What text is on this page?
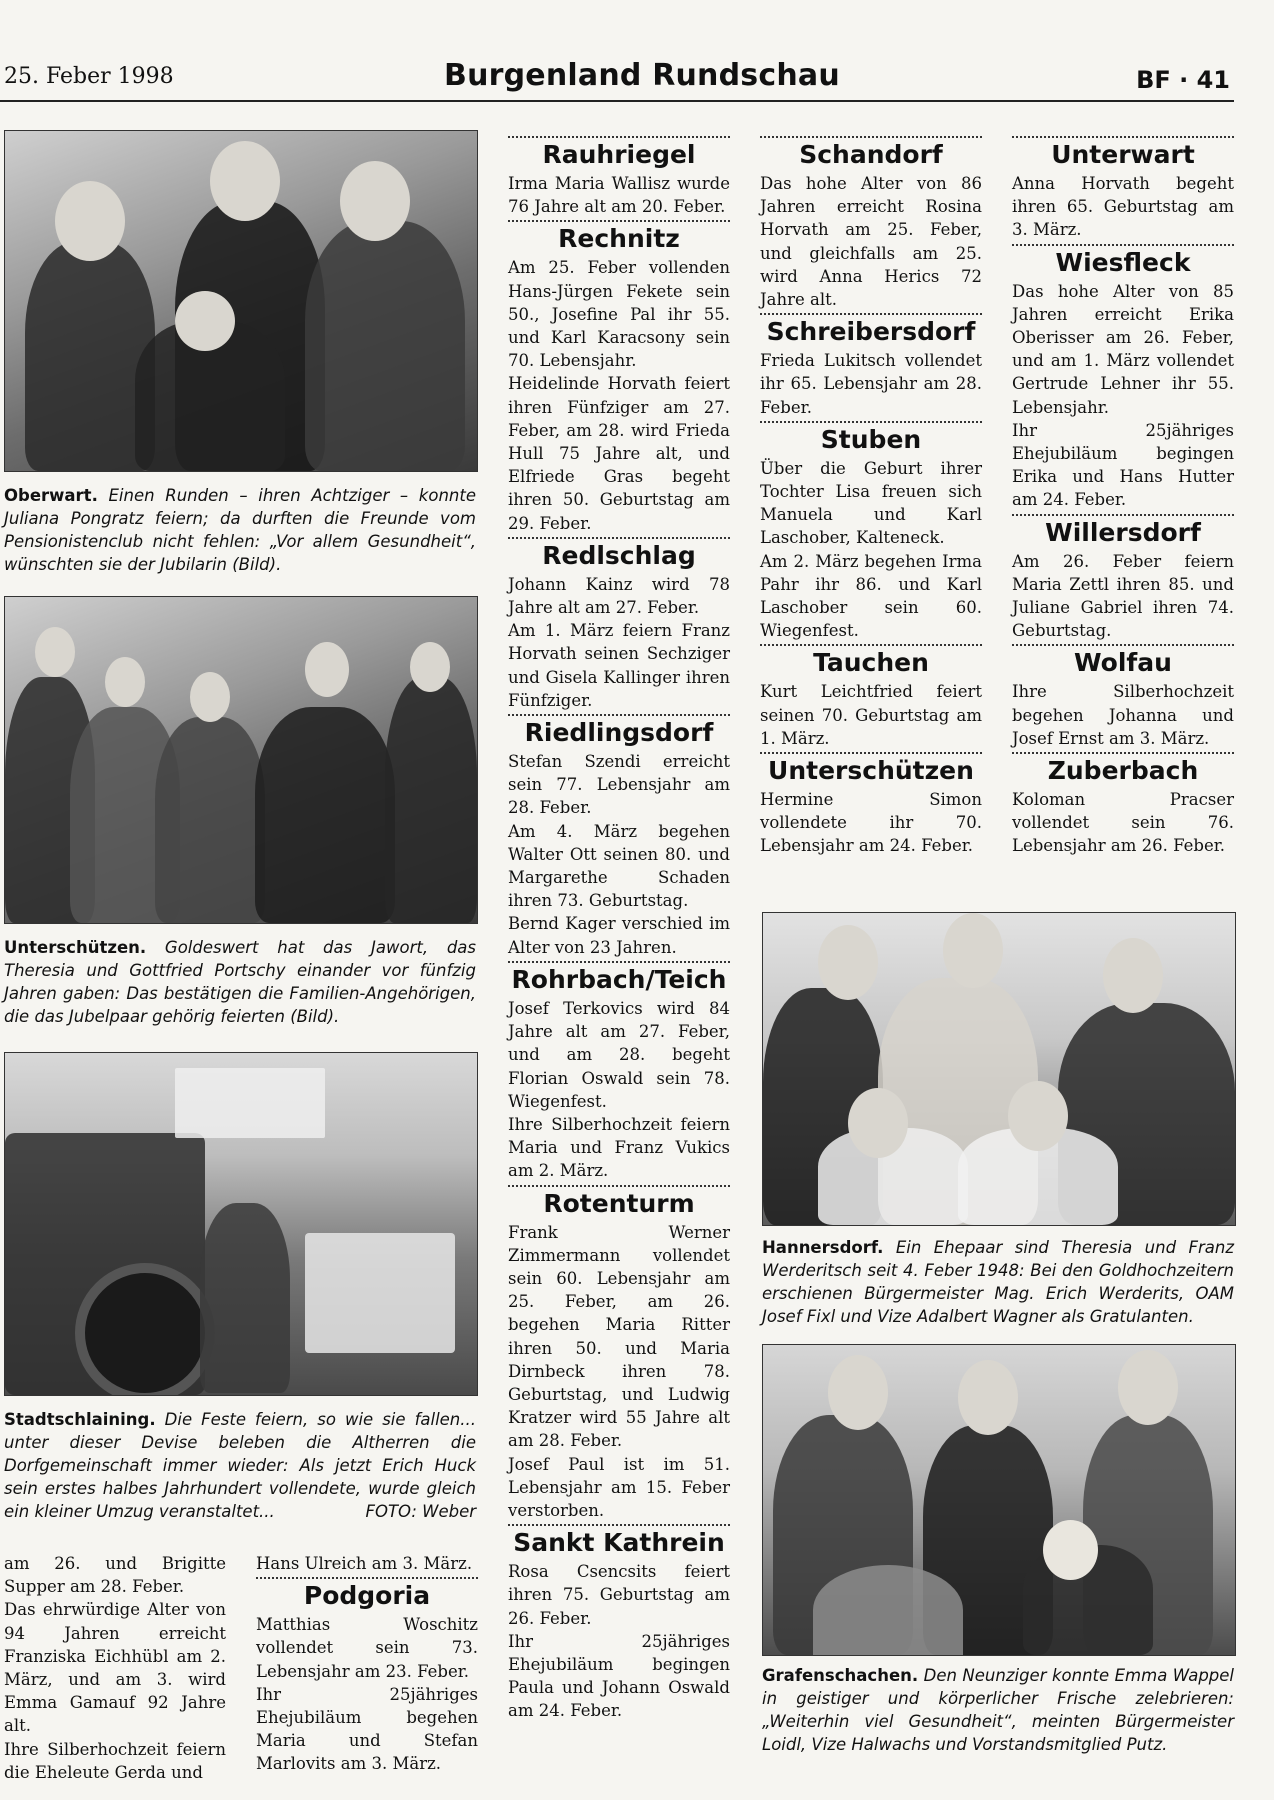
25. Feber 1998	Burgenland Rundschau	BF · 41
Oberwart. Einen Runden – ihren Achtziger – konnte Juliana Pongratz feiern; da durften die Freunde vom Pensionistenclub nicht fehlen: „Vor allem Gesundheit“, wünschten sie der Jubilarin (Bild).
Unterschützen. Goldeswert hat das Jawort, das Theresia und Gottfried Portschy einander vor fünfzig Jahren gaben: Das bestätigen die Familien-Angehörigen, die das Jubelpaar gehörig feierten (Bild).
Stadtschlaining. Die Feste feiern, so wie sie fallen... unter dieser Devise beleben die Altherren die Dorfgemeinschaft immer wieder: Als jetzt Erich Huck sein erstes halbes Jahrhundert vollendete, wurde gleich ein kleiner Umzug veranstaltet...	FOTO: Weber

am 26. und Brigitte Supper am 28. Feber.

Das ehrwürdige Alter von 94 Jahren erreicht Franziska Eichhübl am 2. März, und am 3. wird Emma Gamauf 92 Jahre alt.

Ihre Silberhochzeit feiern die Eheleute Gerda und

Hans Ulreich am 3. März.

Podgoria

Matthias Woschitz vollendet sein 73. Lebensjahr am 23. Feber.

Ihr 25jähriges Ehejubiläum begehen Maria und Stefan Marlovits am 3. März.

Rauhriegel

Irma Maria Wallisz wurde 76 Jahre alt am 20. Feber.

Rechnitz

Am 25. Feber vollenden Hans-Jürgen Fekete sein 50., Josefine Pal ihr 55. und Karl Karacsony sein 70. Lebensjahr.

Heidelinde Horvath feiert ihren Fünfziger am 27. Feber, am 28. wird Frieda Hull 75 Jahre alt, und Elfriede Gras begeht ihren 50. Geburtstag am 29. Feber.

Redlschlag

Johann Kainz wird 78 Jahre alt am 27. Feber.

Am 1. März feiern Franz Horvath seinen Sechziger und Gisela Kallinger ihren Fünfziger.

Riedlingsdorf

Stefan Szendi erreicht sein 77. Lebensjahr am 28. Feber.

Am 4. März begehen Walter Ott seinen 80. und Margarethe Schaden ihren 73. Geburtstag.

Bernd Kager verschied im Alter von 23 Jahren.

Rohrbach/Teich

Josef Terkovics wird 84 Jahre alt am 27. Feber, und am 28. begeht Florian Oswald sein 78. Wiegenfest.

Ihre Silberhochzeit feiern Maria und Franz Vukics am 2. März.

Rotenturm

Frank Werner Zimmermann vollendet sein 60. Lebensjahr am 25. Feber, am 26. begehen Maria Ritter ihren 50. und Maria Dirnbeck ihren 78. Geburtstag, und Ludwig Kratzer wird 55 Jahre alt am 28. Feber.

Josef Paul ist im 51. Lebensjahr am 15. Feber verstorben.

Sankt Kathrein

Rosa Csencsits feiert ihren 75. Geburtstag am 26. Feber.

Ihr 25jähriges Ehejubiläum begingen Paula und Johann Oswald am 24. Feber.

Schandorf

Das hohe Alter von 86 Jahren erreicht Rosina Horvath am 25. Feber, und gleichfalls am 25. wird Anna Herics 72 Jahre alt.

Schreibersdorf

Frieda Lukitsch vollendet ihr 65. Lebensjahr am 28. Feber.

Stuben

Über die Geburt ihrer Tochter Lisa freuen sich Manuela und Karl Laschober, Kalteneck.

Am 2. März begehen Irma Pahr ihr 86. und Karl Laschober sein 60. Wiegenfest.

Tauchen

Kurt Leichtfried feiert seinen 70. Geburtstag am 1. März.

Unterschützen

Hermine Simon vollendete ihr 70. Lebensjahr am 24. Feber.

Unterwart

Anna Horvath begeht ihren 65. Geburtstag am 3. März.

Wiesfleck

Das hohe Alter von 85 Jahren erreicht Erika Oberisser am 26. Feber, und am 1. März vollendet Gertrude Lehner ihr 55. Lebensjahr.

Ihr 25jähriges Ehejubiläum begingen Erika und Hans Hutter am 24. Feber.

Willersdorf

Am 26. Feber feiern Maria Zettl ihren 85. und Juliane Gabriel ihren 74. Geburtstag.

Wolfau

Ihre Silberhochzeit begehen Johanna und Josef Ernst am 3. März.

Zuberbach

Koloman Pracser vollendet sein 76. Lebensjahr am 26. Feber.

Hannersdorf. Ein Ehepaar sind Theresia und Franz Werderitsch seit 4. Feber 1948: Bei den Goldhochzeitern erschienen Bürgermeister Mag. Erich Werderits, OAM Josef Fixl und Vize Adalbert Wagner als Gratulanten.
Grafenschachen. Den Neunziger konnte Emma Wappel in geistiger und körperlicher Frische zelebrieren: „Weiterhin viel Gesundheit“, meinten Bürgermeister Loidl, Vize Halwachs und Vorstandsmitglied Putz.
